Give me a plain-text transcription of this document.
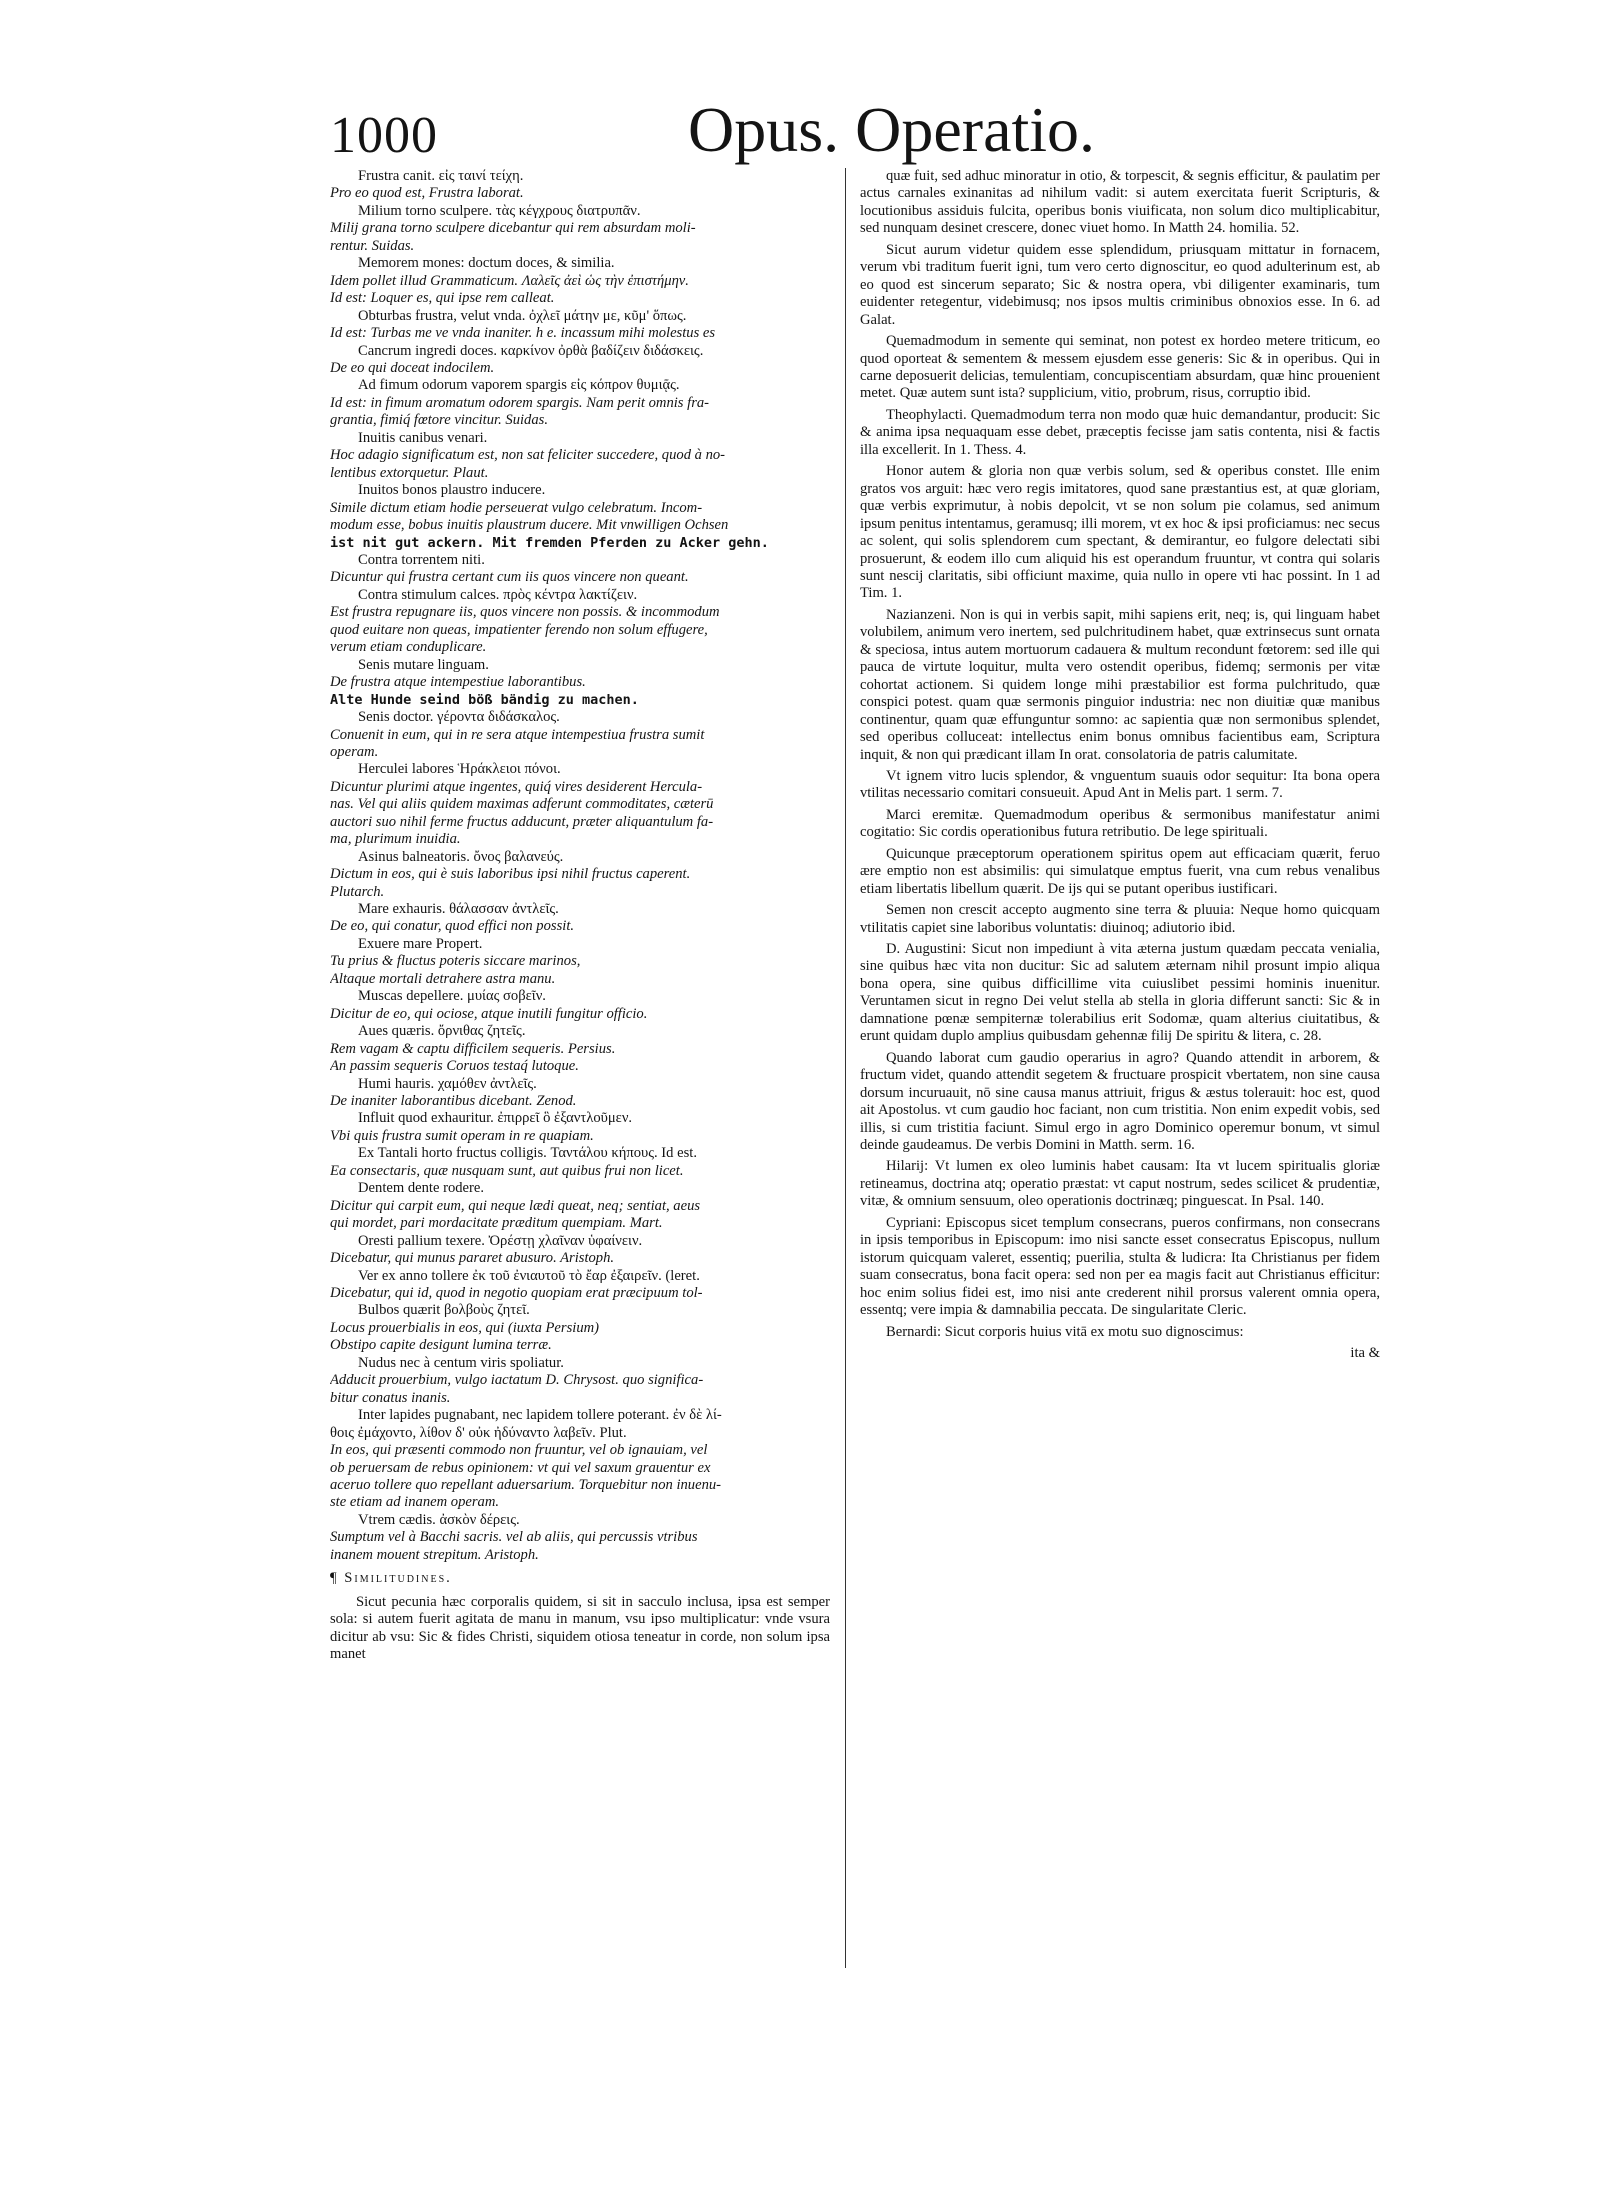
1000	Opus. Operatio.

Frustra canit. εἰς ταινί τείχη.

Pro eo quod est, Frustra laborat.

Milium torno sculpere. τὰς κέγχρους διατρυπᾶν.

Milij grana torno sculpere dicebantur qui rem absurdam moli-

rentur. Suidas.

Memorem mones: doctum doces, & similia.

Idem pollet illud Grammaticum. Λαλεῖς ἀεὶ ὡς τὴν ἐπιστήμην.

Id est: Loquer es, qui ipse rem calleat.

Obturbas frustra, velut vnda. ὀχλεῖ μάτην με, κῦμ' ὅπως.

Id est: Turbas me ve vnda inaniter. h e. incassum mihi molestus es

Cancrum ingredi doces. καρκίνον ὀρθὰ βαδίζειν διδάσκεις.

De eo qui doceat indocilem.

Ad fimum odorum vaporem spargis εἰς κόπρον θυμιᾷς.

Id est: in fimum aromatum odorem spargis. Nam perit omnis fra-

grantia, fimiq́ fœtore vincitur. Suidas.

Inuitis canibus venari.

Hoc adagio significatum est, non sat feliciter succedere, quod à no-

lentibus extorquetur. Plaut.

Inuitos bonos plaustro inducere.

Simile dictum etiam hodie perseuerat vulgo celebratum. Incom-

modum esse, bobus inuitis plaustrum ducere. Mit vnwilligen Ochsen

ist nit gut ackern. Mit fremden Pferden zu Acker gehn.

Contra torrentem niti.

Dicuntur qui frustra certant cum iis quos vincere non queant.

Contra stimulum calces. πρὸς κέντρα λακτίζειν.

Est frustra repugnare iis, quos vincere non possis. & incommodum

quod euitare non queas, impatienter ferendo non solum effugere,

verum etiam conduplicare.

Senis mutare linguam.

De frustra atque intempestiue laborantibus.

Alte Hunde seind böß bändig zu machen.

Senis doctor. γέροντα διδάσκαλος.

Conuenit in eum, qui in re sera atque intempestiua frustra sumit

operam.

Herculei labores Ἡράκλειοι πόνοι.

Dicuntur plurimi atque ingentes, quiq́ vires desiderent Hercula-

nas. Vel qui aliis quidem maximas adferunt commoditates, cæterū

auctori suo nihil ferme fructus adducunt, præter aliquantulum fa-

ma, plurimum inuidia.

Asinus balneatoris. ὄνος βαλανεύς.

Dictum in eos, qui è suis laboribus ipsi nihil fructus caperent.

Plutarch.

Mare exhauris. θάλασσαν ἀντλεῖς.

De eo, qui conatur, quod effici non possit.

Exuere mare Propert.

Tu prius & fluctus poteris siccare marinos,

Altaque mortali detrahere astra manu.

Muscas depellere. μυίας σοβεῖν.

Dicitur de eo, qui ociose, atque inutili fungitur officio.

Aues quæris. ὄρνιθας ζητεῖς.

Rem vagam & captu difficilem sequeris. Persius.

An passim sequeris Coruos testaq́ lutoque.

Humi hauris. χαμόθεν ἀντλεῖς.

De inaniter laborantibus dicebant. Zenod.

Influit quod exhauritur. ἐπιρρεῖ ὃ ἐξαντλοῦμεν.

Vbi quis frustra sumit operam in re quapiam.

Ex Tantali horto fructus colligis. Ταντάλου κήπους. Id est.

Ea consectaris, quæ nusquam sunt, aut quibus frui non licet.

Dentem dente rodere.

Dicitur qui carpit eum, qui neque lædi queat, neq; sentiat, aeus

qui mordet, pari mordacitate præditum quempiam. Mart.

Oresti pallium texere. Ὀρέστῃ χλαῖναν ὑφαίνειν.

Dicebatur, qui munus pararet abusuro. Aristoph.

Ver ex anno tollere ἐκ τοῦ ἐνιαυτοῦ τὸ ἔαρ ἐξαιρεῖν. (leret.

Dicebatur, qui id, quod in negotio quopiam erat præcipuum tol-

Bulbos quærit βολβοὺς ζητεῖ.

Locus prouerbialis in eos, qui (iuxta Persium)

Obstipo capite desigunt lumina terræ.

Nudus nec à centum viris spoliatur.

Adducit prouerbium, vulgo iactatum D. Chrysost. quo significa-

bitur conatus inanis.

Inter lapides pugnabant, nec lapidem tollere poterant. ἐν δὲ λί-

θοις ἐμάχοντο, λίθον δ' οὐκ ἠδύναντο λαβεῖν. Plut.

In eos, qui præsenti commodo non fruuntur, vel ob ignauiam, vel

ob peruersam de rebus opinionem: vt qui vel saxum grauentur ex

aceruo tollere quo repellant aduersarium. Torquebitur non inuenu-

ste etiam ad inanem operam.

Vtrem cædis. ἀσκὸν δέρεις.

Sumptum vel à Bacchi sacris. vel ab aliis, qui percussis vtribus

inanem mouent strepitum. Aristoph.

¶ Similitudines.

Sicut pecunia hæc corporalis quidem, si sit in sacculo inclusa, ipsa est semper sola: si autem fuerit agitata de manu in manum, vsu ipso multiplicatur: vnde vsura dicitur ab vsu: Sic & fides Christi, siquidem otiosa teneatur in corde, non solum ipsa manet

quæ fuit, sed adhuc minoratur in otio, & torpescit, & segnis efficitur, & paulatim per actus carnales exinanitas ad nihilum vadit: si autem exercitata fuerit Scripturis, & locutionibus assiduis fulcita, operibus bonis viuificata, non solum dico multiplicabitur, sed nunquam desinet crescere, donec viuet homo. In Matth 24. homilia. 52.

Sicut aurum videtur quidem esse splendidum, priusquam mittatur in fornacem, verum vbi traditum fuerit igni, tum vero certo dignoscitur, eo quod adulterinum est, ab eo quod est sincerum separato; Sic & nostra opera, vbi diligenter examinaris, tum euidenter retegentur, videbimusq; nos ipsos multis criminibus obnoxios esse. In 6. ad Galat.

Quemadmodum in semente qui seminat, non potest ex hordeo metere triticum, eo quod oporteat & sementem & messem ejusdem esse generis: Sic & in operibus. Qui in carne deposuerit delicias, temulentiam, concupiscentiam absurdam, quæ hinc prouenient metet. Quæ autem sunt ista? supplicium, vitio, probrum, risus, corruptio ibid.

Theophylacti. Quemadmodum terra non modo quæ huic demandantur, producit: Sic & anima ipsa nequaquam esse debet, præceptis fecisse jam satis contenta, nisi & factis illa excellerit. In 1. Thess. 4.

Honor autem & gloria non quæ verbis solum, sed & operibus constet. Ille enim gratos vos arguit: hæc vero regis imitatores, quod sane præstantius est, at quæ gloriam, quæ verbis exprimutur, à nobis depolcit, vt se non solum pie colamus, sed animum ipsum penitus intentamus, geramusq; illi morem, vt ex hoc & ipsi proficiamus: nec secus ac solent, qui solis splendorem cum spectant, & demirantur, eo fulgore delectati sibi prosuerunt, & eodem illo cum aliquid his est operandum fruuntur, vt contra qui solaris sunt nescij claritatis, sibi officiunt maxime, quia nullo in opere vti hac possint. In 1 ad Tim. 1.

Nazianzeni. Non is qui in verbis sapit, mihi sapiens erit, neq; is, qui linguam habet volubilem, animum vero inertem, sed pulchritudinem habet, quæ extrinsecus sunt ornata & speciosa, intus autem mortuorum cadauera & multum recondunt fœtorem: sed ille qui pauca de virtute loquitur, multa vero ostendit operibus, fidemq; sermonis per vitæ cohortat actionem. Si quidem longe mihi præstabilior est forma pulchritudo, quæ conspici potest. quam quæ sermonis pinguior industria: nec non diuitiæ quæ manibus continentur, quam quæ effunguntur somno: ac sapientia quæ non sermonibus splendet, sed operibus colluceat: intellectus enim bonus omnibus facientibus eam, Scriptura inquit, & non qui prædicant illam In orat. consolatoria de patris calumitate.

Vt ignem vitro lucis splendor, & vnguentum suauis odor sequitur: Ita bona opera vtilitas necessario comitari consueuit. Apud Ant in Melis part. 1 serm. 7.

Marci eremitæ. Quemadmodum operibus & sermonibus manifestatur animi cogitatio: Sic cordis operationibus futura retributio. De lege spirituali.

Quicunque præceptorum operationem spiritus opem aut efficaciam quærit, feruo ære emptio non est absimilis: qui simulatque emptus fuerit, vna cum rebus venalibus etiam libertatis libellum quærit. De ijs qui se putant operibus iustificari.

Semen non crescit accepto augmento sine terra & pluuia: Neque homo quicquam vtilitatis capiet sine laboribus voluntatis: diuinoq; adiutorio ibid.

D. Augustini: Sicut non impediunt à vita æterna justum quædam peccata venialia, sine quibus hæc vita non ducitur: Sic ad salutem æternam nihil prosunt impio aliqua bona opera, sine quibus difficillime vita cuiuslibet pessimi hominis inuenitur. Veruntamen sicut in regno Dei velut stella ab stella in gloria differunt sancti: Sic & in damnatione pœnæ sempiternæ tolerabilius erit Sodomæ, quam alterius ciuitatibus, & erunt quidam duplo amplius quibusdam gehennæ filij De spiritu & litera, c. 28.

Quando laborat cum gaudio operarius in agro? Quando attendit in arborem, & fructum videt, quando attendit segetem & fructuare prospicit vbertatem, non sine causa dorsum incuruauit, nō sine causa manus attriuit, frigus & æstus tolerauit: hoc est, quod ait Apostolus. vt cum gaudio hoc faciant, non cum tristitia. Non enim expedit vobis, sed illis, si cum tristitia faciunt. Simul ergo in agro Dominico operemur bonum, vt simul deinde gaudeamus. De verbis Domini in Matth. serm. 16.

Hilarij: Vt lumen ex oleo luminis habet causam: Ita vt lucem spiritualis gloriæ retineamus, doctrina atq; operatio præstat: vt caput nostrum, sedes scilicet & prudentiæ, vitæ, & omnium sensuum, oleo operationis doctrinæq; pinguescat. In Psal. 140.

Cypriani: Episcopus sicet templum consecrans, pueros confirmans, non consecrans in ipsis temporibus in Episcopum: imo nisi sancte esset consecratus Episcopus, nullum istorum quicquam valeret, essentiq; puerilia, stulta & ludicra: Ita Christianus per fidem suam consecratus, bona facit opera: sed non per ea magis facit aut Christianus efficitur: hoc enim solius fidei est, imo nisi ante crederent nihil prorsus valerent omnia opera, essentq; vere impia & damnabilia peccata. De singularitate Cleric.

Bernardi: Sicut corporis huius vitā ex motu suo dignoscimus:

ita &
